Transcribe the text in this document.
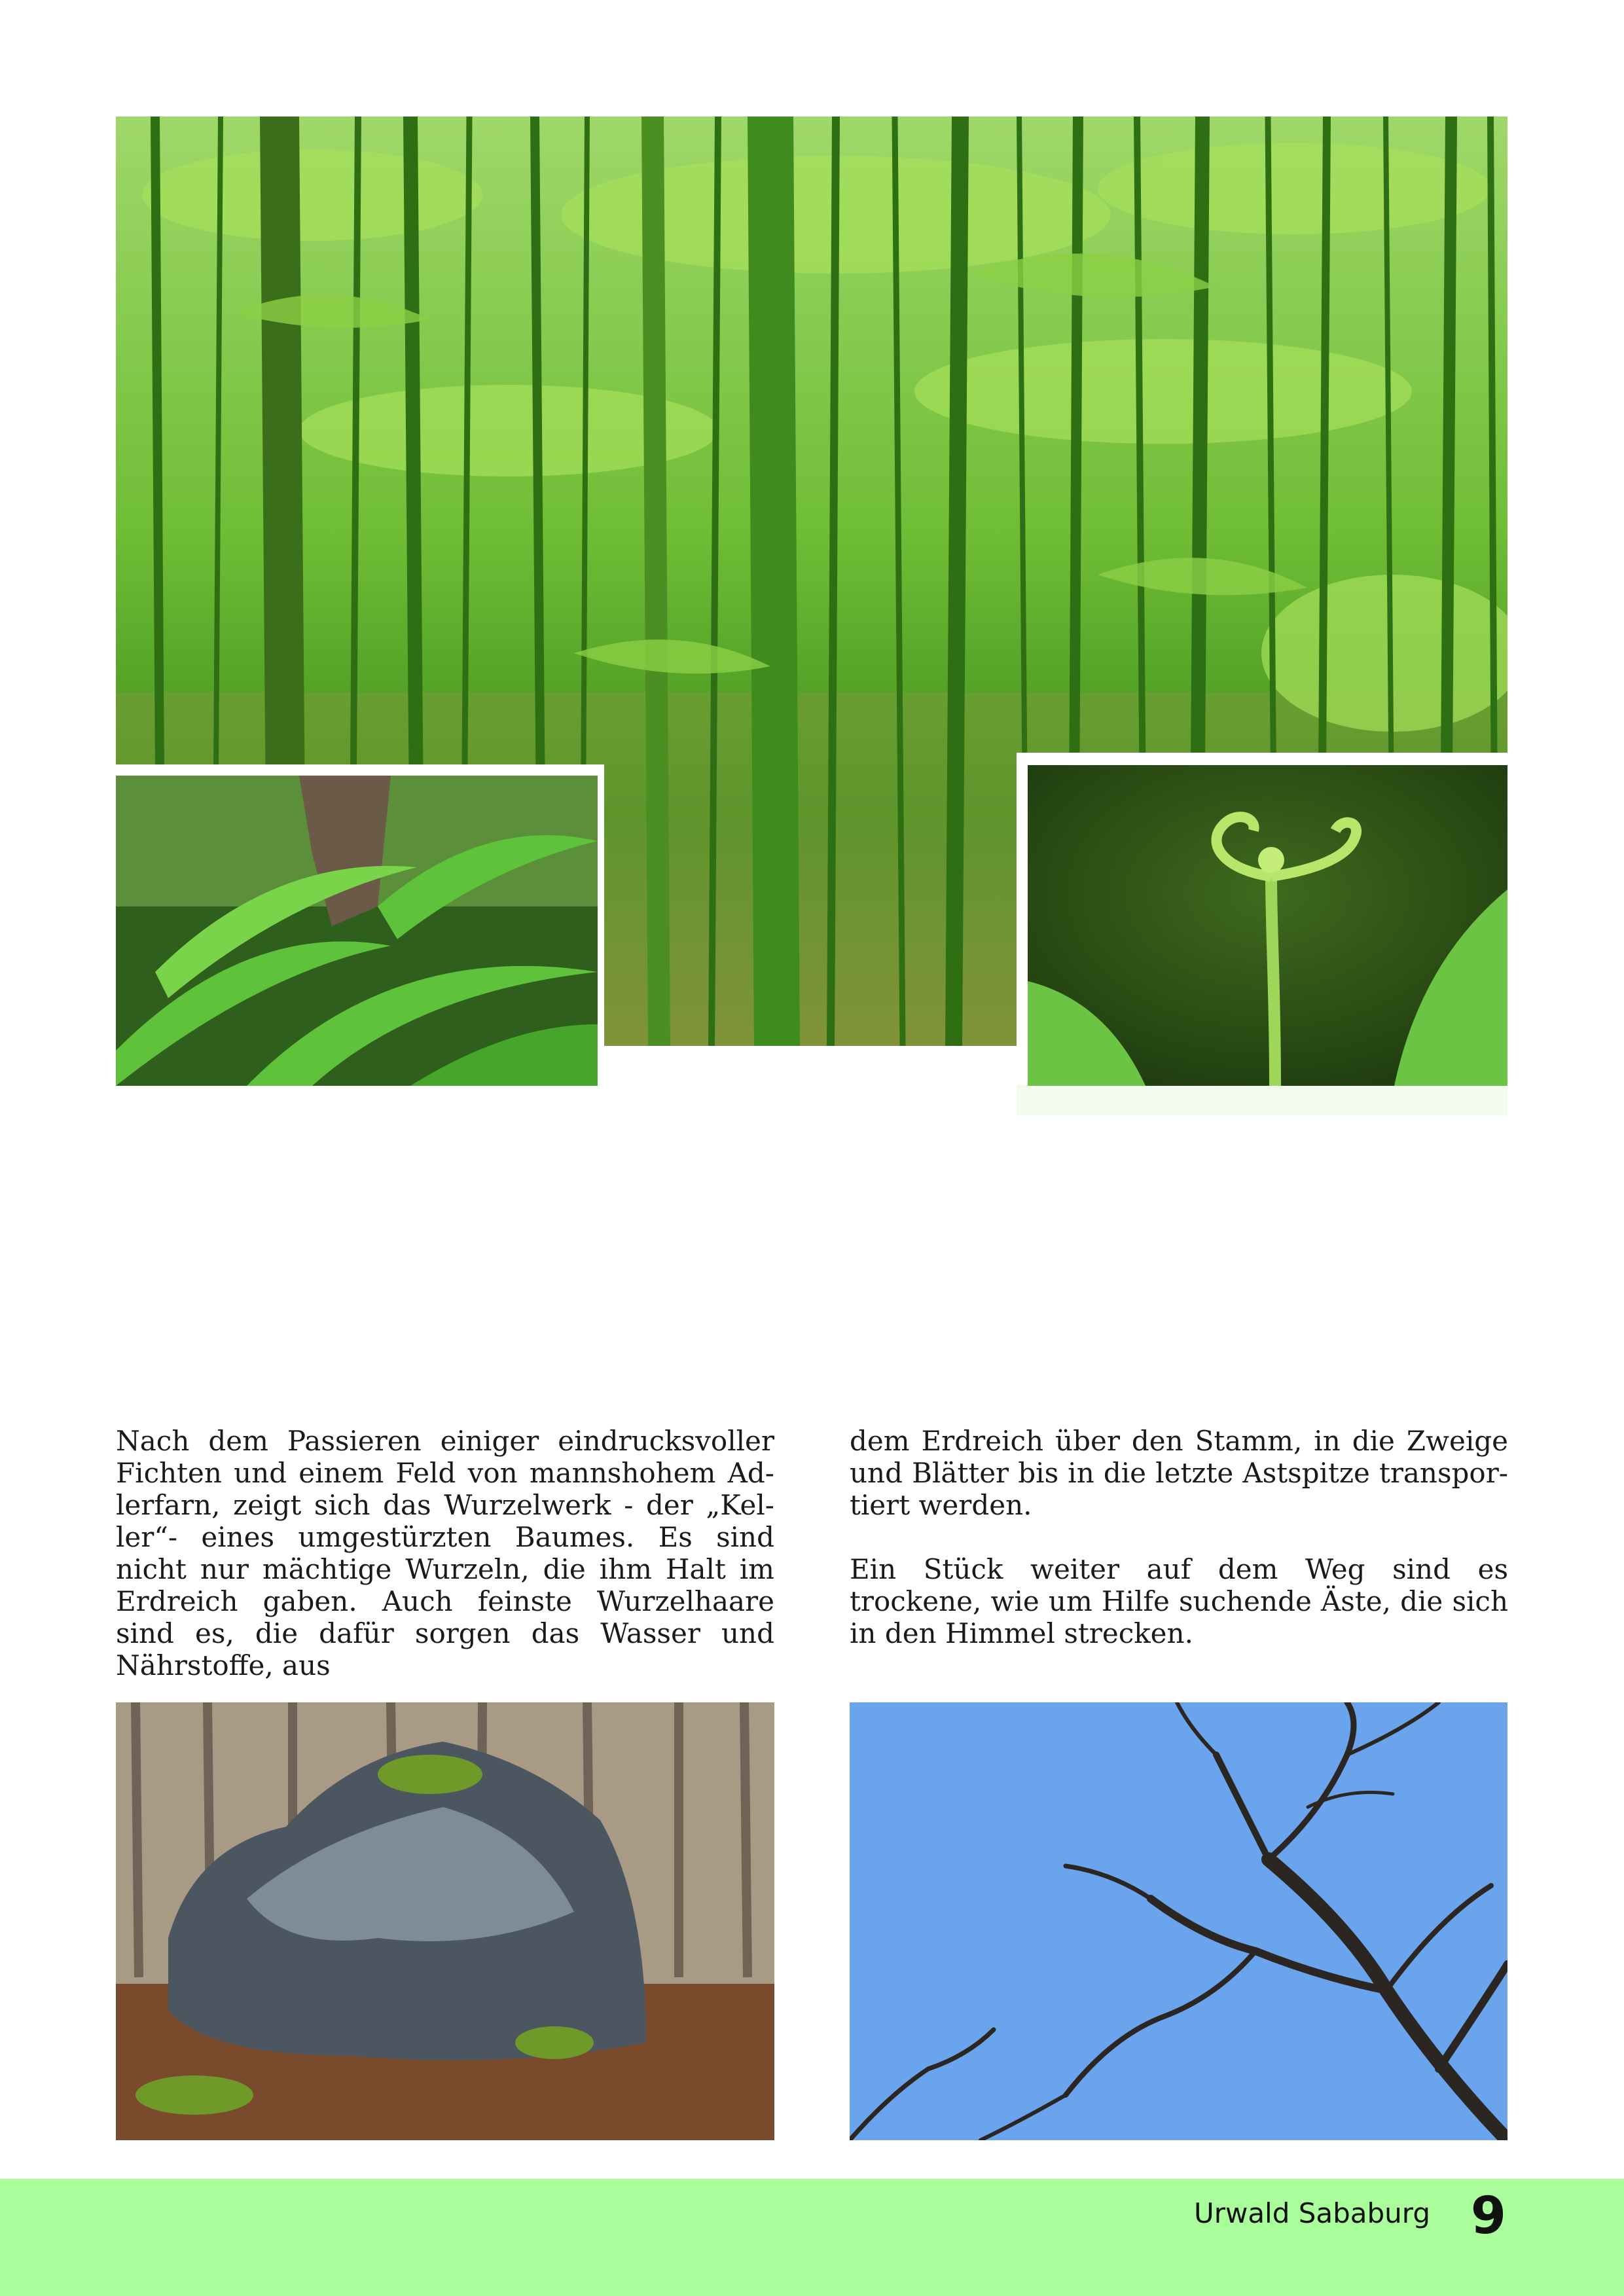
Nach dem Passieren einiger eindrucksvoller Fichten und einem Feld von mannshohem Adlerfarn, zeigt sich das Wurzelwerk - der „Keller“- eines umgestürzten Baumes. Es sind nicht nur mächtige Wurzeln, die ihm Halt im Erdreich gaben. Auch feinste Wurzelhaare sind es, die dafür sorgen das Wasser und Nährstoffe, aus

dem Erdreich über den Stamm, in die Zweige und Blätter bis in die letzte Astspitze transportiert werden.

Ein Stück weiter auf dem Weg sind es trockene, wie um Hilfe suchende Äste, die sich in den Himmel strecken.

Urwald Sababurg 9
